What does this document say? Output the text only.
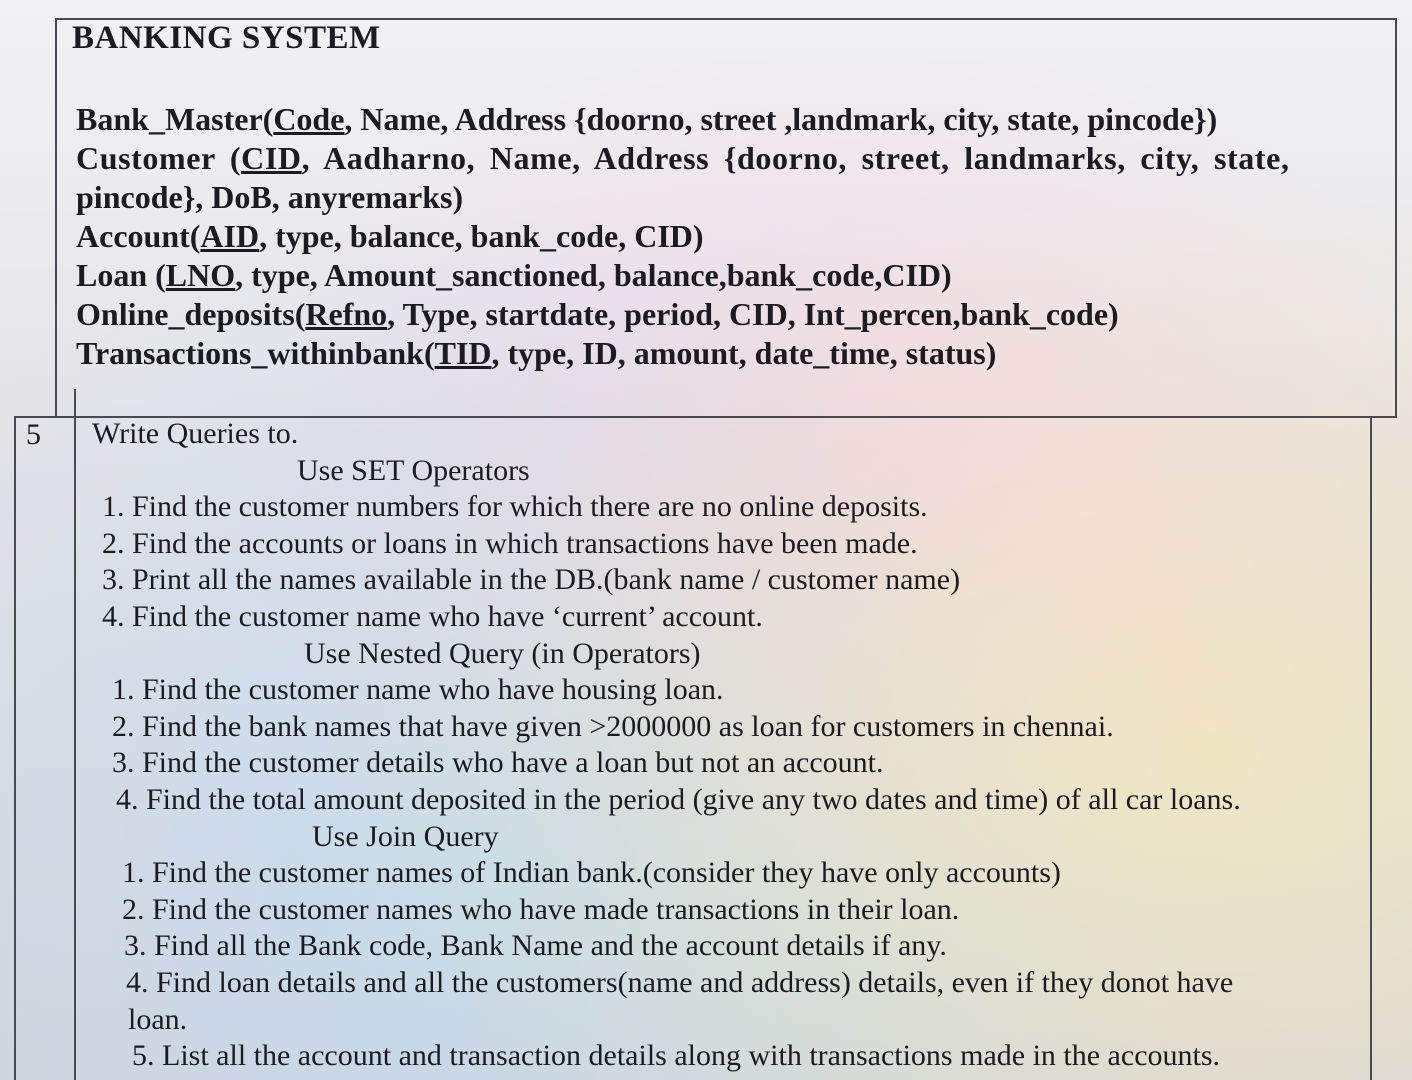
BANKING SYSTEM
Bank_Master(Code, Name, Address {doorno, street ,landmark, city, state, pincode})
Customer (CID, Aadharno, Name, Address {doorno, street, landmarks, city, state,
pincode}, DoB, anyremarks)
Account(AID, type, balance, bank_code, CID)
Loan (LNO, type, Amount_sanctioned, balance,bank_code,CID)
Online_deposits(Refno, Type, startdate, period, CID, Int_percen,bank_code)
Transactions_withinbank(TID, type, ID, amount, date_time, status)

5 Write Queries to.
Use SET Operators
1. Find the customer numbers for which there are no online deposits.
2. Find the accounts or loans in which transactions have been made.
3. Print all the names available in the DB.(bank name / customer name)
4. Find the customer name who have ‘current’ account.
Use Nested Query (in Operators)
1. Find the customer name who have housing loan.
2. Find the bank names that have given >2000000 as loan for customers in chennai.
3. Find the customer details who have a loan but not an account.
4. Find the total amount deposited in the period (give any two dates and time) of all car loans.
Use Join Query
1. Find the customer names of Indian bank.(consider they have only accounts)
2. Find the customer names who have made transactions in their loan.
3. Find all the Bank code, Bank Name and the account details if any.
4. Find loan details and all the customers(name and address) details, even if they donot have
loan.
5. List all the account and transaction details along with transactions made in the accounts.
